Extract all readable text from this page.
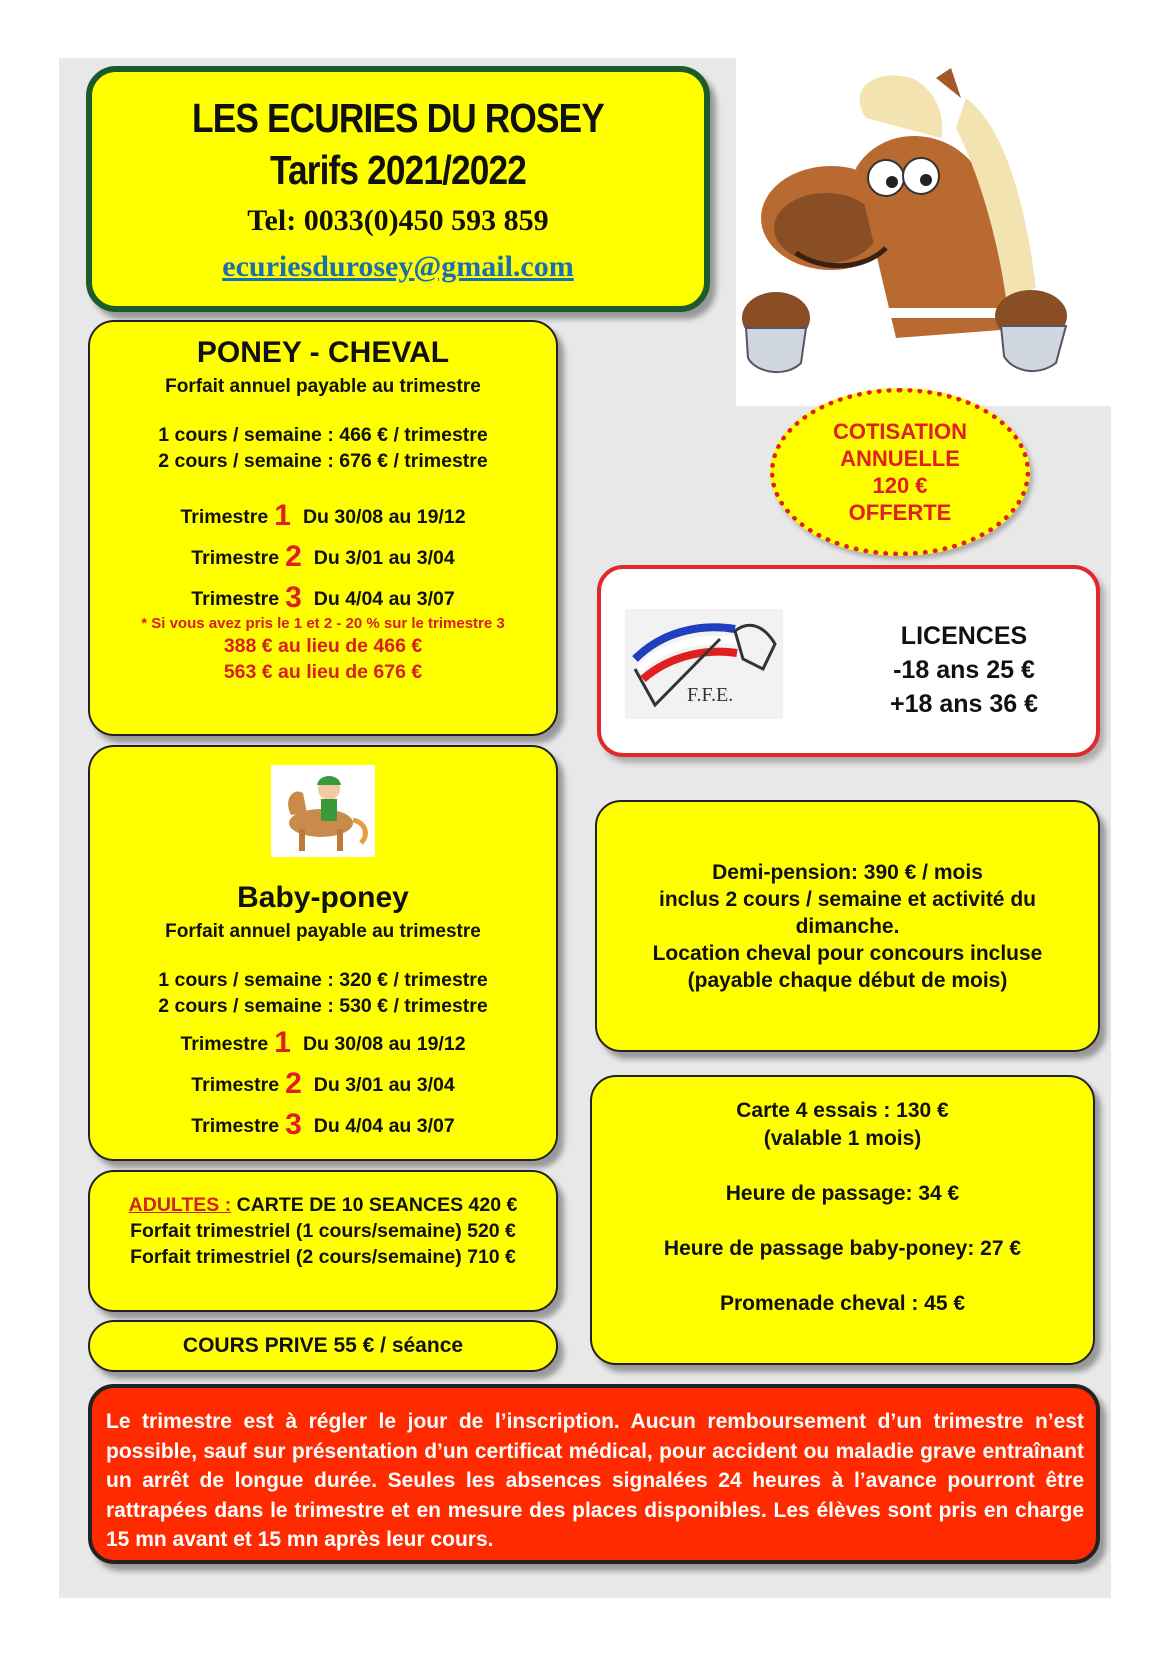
LES ECURIES DU ROSEY
Tarifs 2021/2022
Tel: 0033(0)450 593 859
ecuriesdurosey@gmail.com
COTISATION
ANNUELLE
120 €
OFFERTE
PONEY - CHEVAL
Forfait annuel payable au trimestre
1 cours / semaine : 466 € / trimestre
2 cours / semaine : 676 € / trimestre
Trimestre 1 Du 30/08 au 19/12
Trimestre 2 Du 3/01 au 3/04
Trimestre 3 Du 4/04 au 3/07
* Si vous avez pris le 1 et 2 - 20 % sur le trimestre 3
388 € au lieu de 466 €
563 € au lieu de 676 €
Baby-poney
Forfait annuel payable au trimestre
1 cours / semaine : 320 € / trimestre
2 cours / semaine : 530 € / trimestre
Trimestre 1 Du 30/08 au 19/12
Trimestre 2 Du 3/01 au 3/04
Trimestre 3 Du 4/04 au 3/07
ADULTES : CARTE DE 10 SEANCES 420 €
Forfait trimestriel (1 cours/semaine) 520 €
Forfait trimestriel (2 cours/semaine) 710 €
COURS PRIVE 55 € / séance
F.F.E.
LICENCES
-18 ans 25 €
+18 ans 36 €
Demi-pension: 390 € / mois
inclus 2 cours / semaine et activité du
dimanche.
Location cheval pour concours incluse
(payable chaque début de mois)
Carte 4 essais : 130 €
(valable 1 mois)
Heure de passage: 34 €
Heure de passage baby-poney: 27 €
Promenade cheval : 45 €
Le trimestre est à régler le jour de l’inscription. Aucun remboursement d’un trimestre n’est possible, sauf sur présentation d’un certificat médical, pour accident ou maladie grave entraînant un arrêt de longue durée. Seules les absences signalées 24 heures à l’avance pourront être rattrapées dans le trimestre et en mesure des places disponibles. Les élèves sont pris en charge 15 mn avant et 15 mn après leur cours.
